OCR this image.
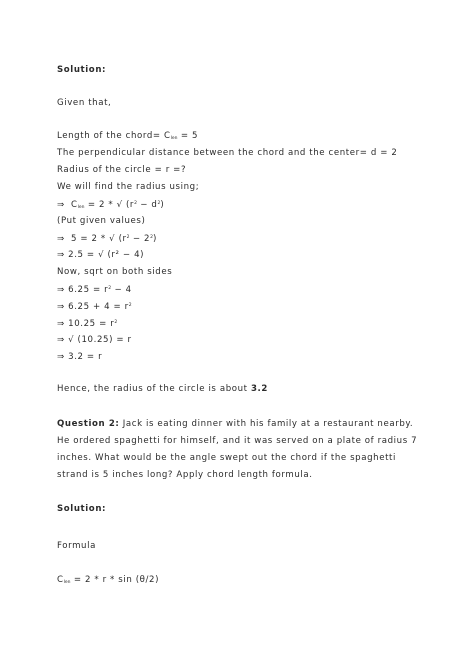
Solution:
Given that,
Length of the chord= $C_{len} = 5$
The perpendicular distance between the chord and the center= d = 2
Radius of the circle = r =?
We will find the radius using;
⇒ $C_{len} = 2$ * √ $(r^2 - d^2)$
(Put given values)
⇒ 5 = 2 * √ $(r^2 - 2^2)$
⇒ 2.5 = √ (r² − 4)
Now, sqrt on both sides
⇒ $6.25 = r^2 - 4$
⇒ $6.25 + 4 = r^2$
⇒ $10.25 = r^2$
⇒ √ (10.25) = r
⇒ 3.2 = r
Hence, the radius of the circle is about 3.2
Question 2: Jack is eating dinner with his family at a restaurant nearby.
He ordered spaghetti for himself, and it was served on a plate of radius 7
inches. What would be the angle swept out the chord if the spaghetti
strand is 5 inches long? Apply chord length formula.
Solution:
Formula
$C_{len} = 2 * r * \sin (\theta/2)$
